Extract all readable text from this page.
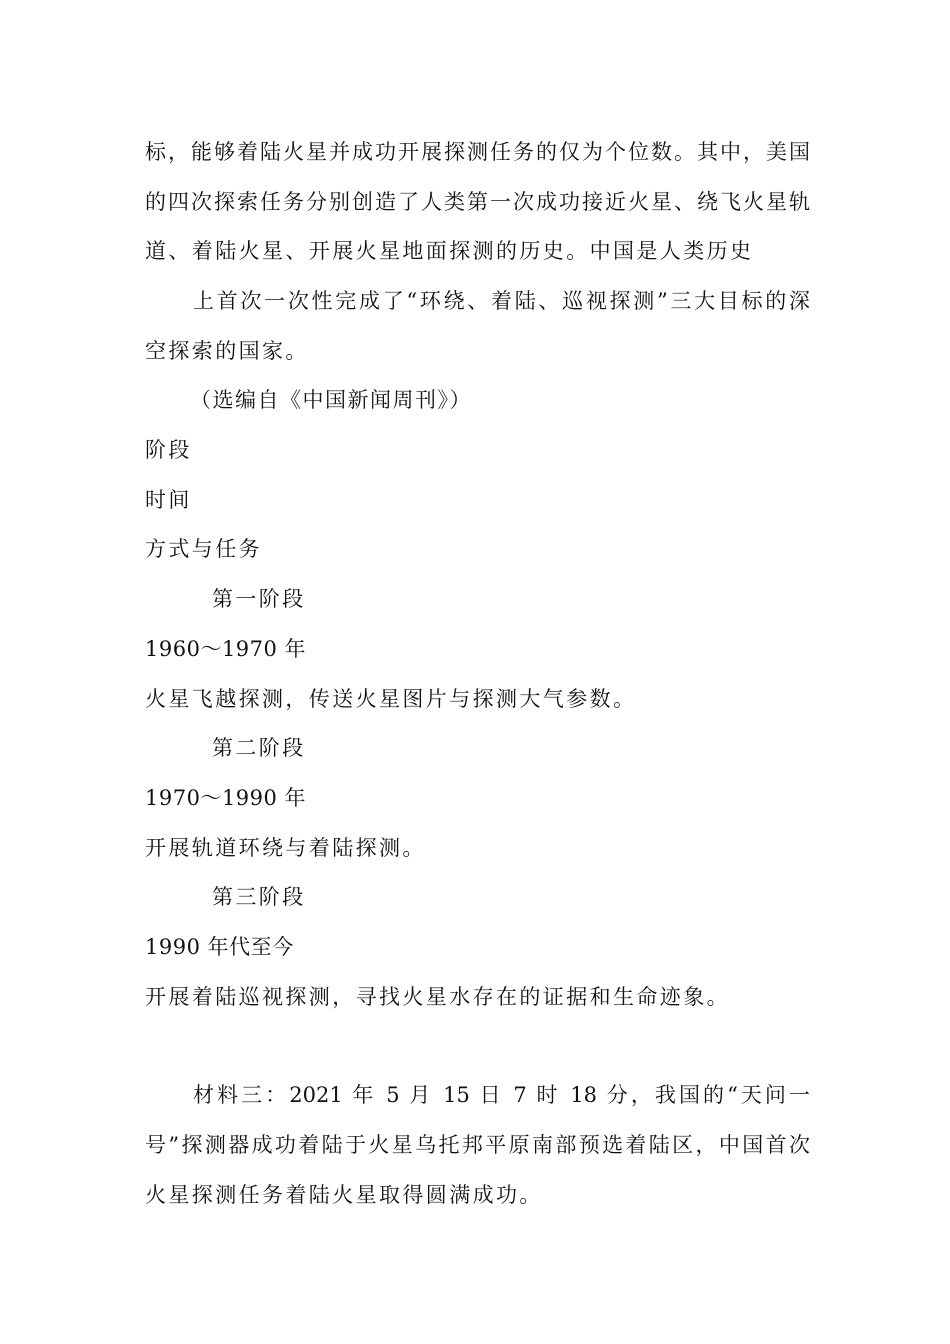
标，能够着陆火星并成功开展探测任务的仅为个位数。其中，美国
的四次探索任务分别创造了人类第一次成功接近火星、绕飞火星轨
道、着陆火星、开展火星地面探测的历史。中国是人类历史
上首次一次性完成了“环绕、着陆、巡视探测”三大目标的深
空探索的国家。
（选编自《中国新闻周刊》）
阶段
时间
方式与任务
第一阶段
1960～1970 年
火星飞越探测，传送火星图片与探测大气参数。
第二阶段
1970～1990 年
开展轨道环绕与着陆探测。
第三阶段
1990 年代至今
开展着陆巡视探测，寻找火星水存在的证据和生命迹象。
材料三：2021 年 5 月 15 日 7 时 18 分，我国的“天问一
号”探测器成功着陆于火星乌托邦平原南部预选着陆区，中国首次
火星探测任务着陆火星取得圆满成功。
